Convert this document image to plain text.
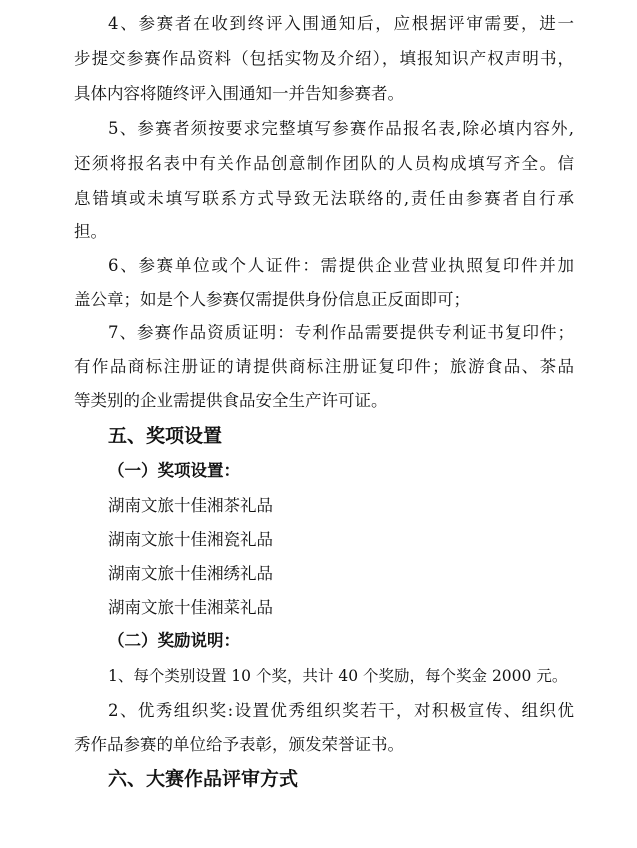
4、参赛者在收到终评入围通知后，应根据评审需要，进一
步提交参赛作品资料（包括实物及介绍），填报知识产权声明书，
具体内容将随终评入围通知一并告知参赛者。
5、参赛者须按要求完整填写参赛作品报名表,除必填内容外,
还须将报名表中有关作品创意制作团队的人员构成填写齐全。信
息错填或未填写联系方式导致无法联络的,责任由参赛者自行承
担。
6、参赛单位或个人证件：需提供企业营业执照复印件并加
盖公章；如是个人参赛仅需提供身份信息正反面即可；
7、参赛作品资质证明：专利作品需要提供专利证书复印件；
有作品商标注册证的请提供商标注册证复印件；旅游食品、茶品
等类别的企业需提供食品安全生产许可证。
五、奖项设置
（一）奖项设置：
湖南文旅十佳湘茶礼品
湖南文旅十佳湘瓷礼品
湖南文旅十佳湘绣礼品
湖南文旅十佳湘菜礼品
（二）奖励说明：
1、每个类别设置 10 个奖，共计 40 个奖励，每个奖金 2000 元。
2、优秀组织奖:设置优秀组织奖若干，对积极宣传、组织优
秀作品参赛的单位给予表彰，颁发荣誉证书。
六、大赛作品评审方式
